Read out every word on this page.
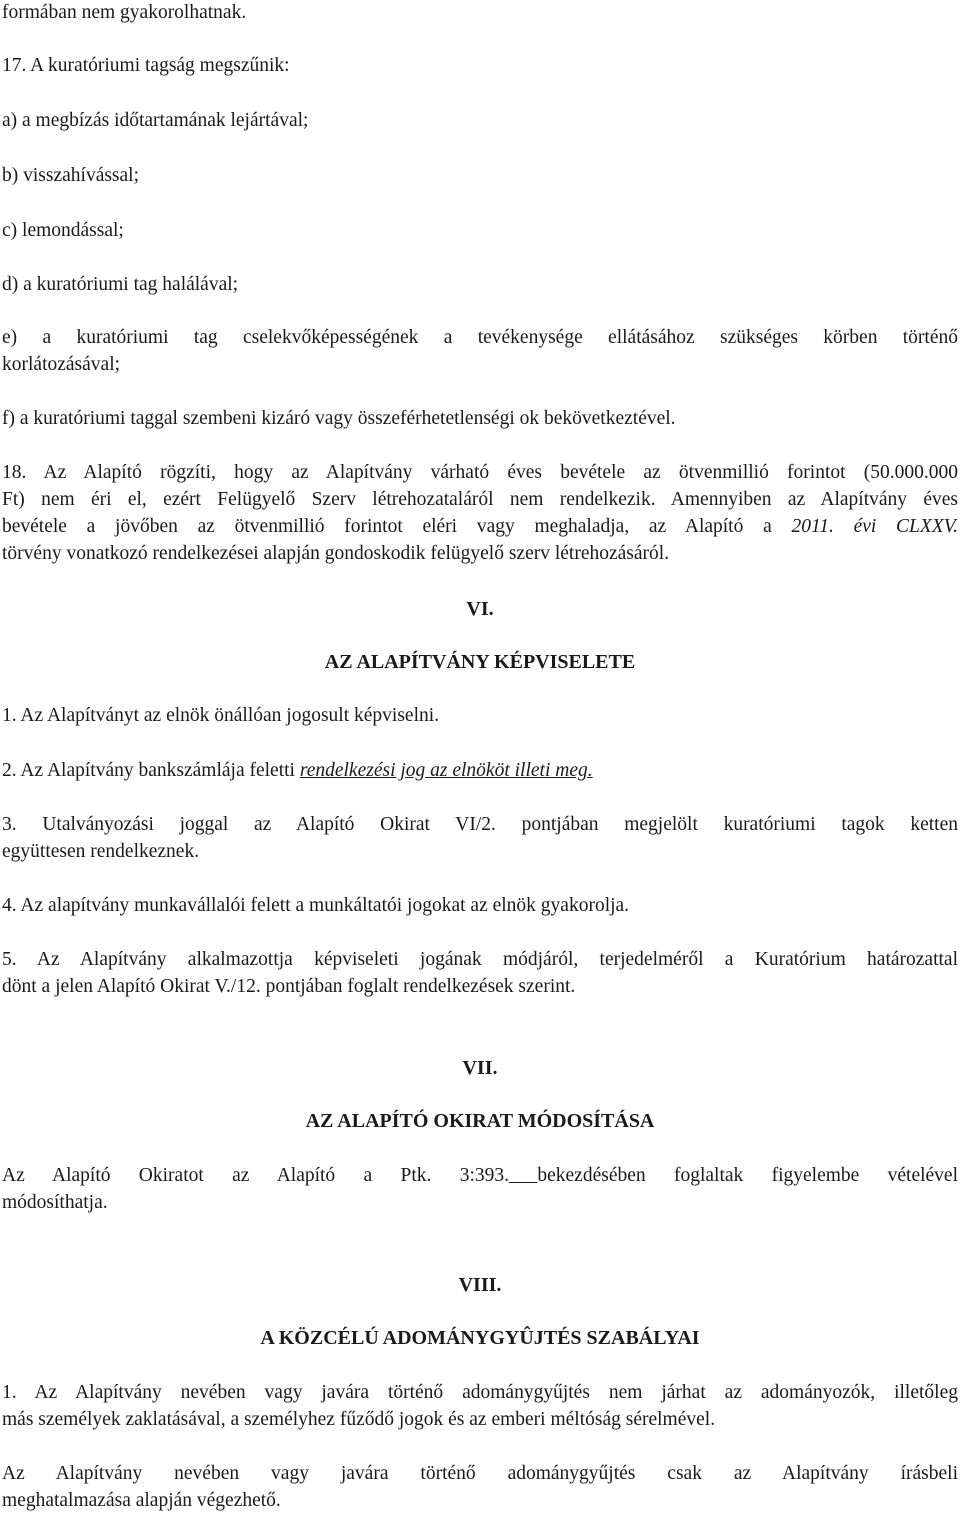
formában nem gyakorolhatnak.
17. A kuratóriumi tagság megszűnik:
a) a megbízás időtartamának lejártával;
b) visszahívással;
c) lemondással;
d) a kuratóriumi tag halálával;
e) a kuratóriumi tag cselekvőképességének a tevékenysége ellátásához szükséges körben történő
korlátozásával;
f) a kuratóriumi taggal szembeni kizáró vagy összeférhetetlenségi ok bekövetkeztével.
18. Az Alapító rögzíti, hogy az Alapítvány várható éves bevétele az ötvenmillió forintot (50.000.000
Ft) nem éri el, ezért Felügyelő Szerv létrehozataláról nem rendelkezik. Amennyiben az Alapítvány éves
bevétele a jövőben az ötvenmillió forintot eléri vagy meghaladja, az Alapító a 2011. évi CLXXV.
törvény vonatkozó rendelkezései alapján gondoskodik felügyelő szerv létrehozásáról.
VI.
AZ ALAPÍTVÁNY KÉPVISELETE
1. Az Alapítványt az elnök önállóan jogosult képviselni.
2. Az Alapítvány bankszámlája feletti rendelkezési jog az elnököt illeti meg.
3. Utalványozási joggal az Alapító Okirat VI/2. pontjában megjelölt kuratóriumi tagok ketten
együttesen rendelkeznek.
4. Az alapítvány munkavállalói felett a munkáltatói jogokat az elnök gyakorolja.
5. Az Alapítvány alkalmazottja képviseleti jogának módjáról, terjedelméről a Kuratórium határozattal
dönt a jelen Alapító Okirat V./12. pontjában foglalt rendelkezések szerint.
VII.
AZ ALAPÍTÓ OKIRAT MÓDOSÍTÁSA
Az Alapító Okiratot az Alapító a Ptk. 3:393. bekezdésében foglaltak figyelembe vételével
módosíthatja.
VIII.
A KÖZCÉLÚ ADOMÁNYGYÛJTÉS SZABÁLYAI
1. Az Alapítvány nevében vagy javára történő adománygyűjtés nem járhat az adományozók, illetőleg
más személyek zaklatásával, a személyhez fűződő jogok és az emberi méltóság sérelmével.
Az Alapítvány nevében vagy javára történő adománygyűjtés csak az Alapítvány írásbeli
meghatalmazása alapján végezhető.
